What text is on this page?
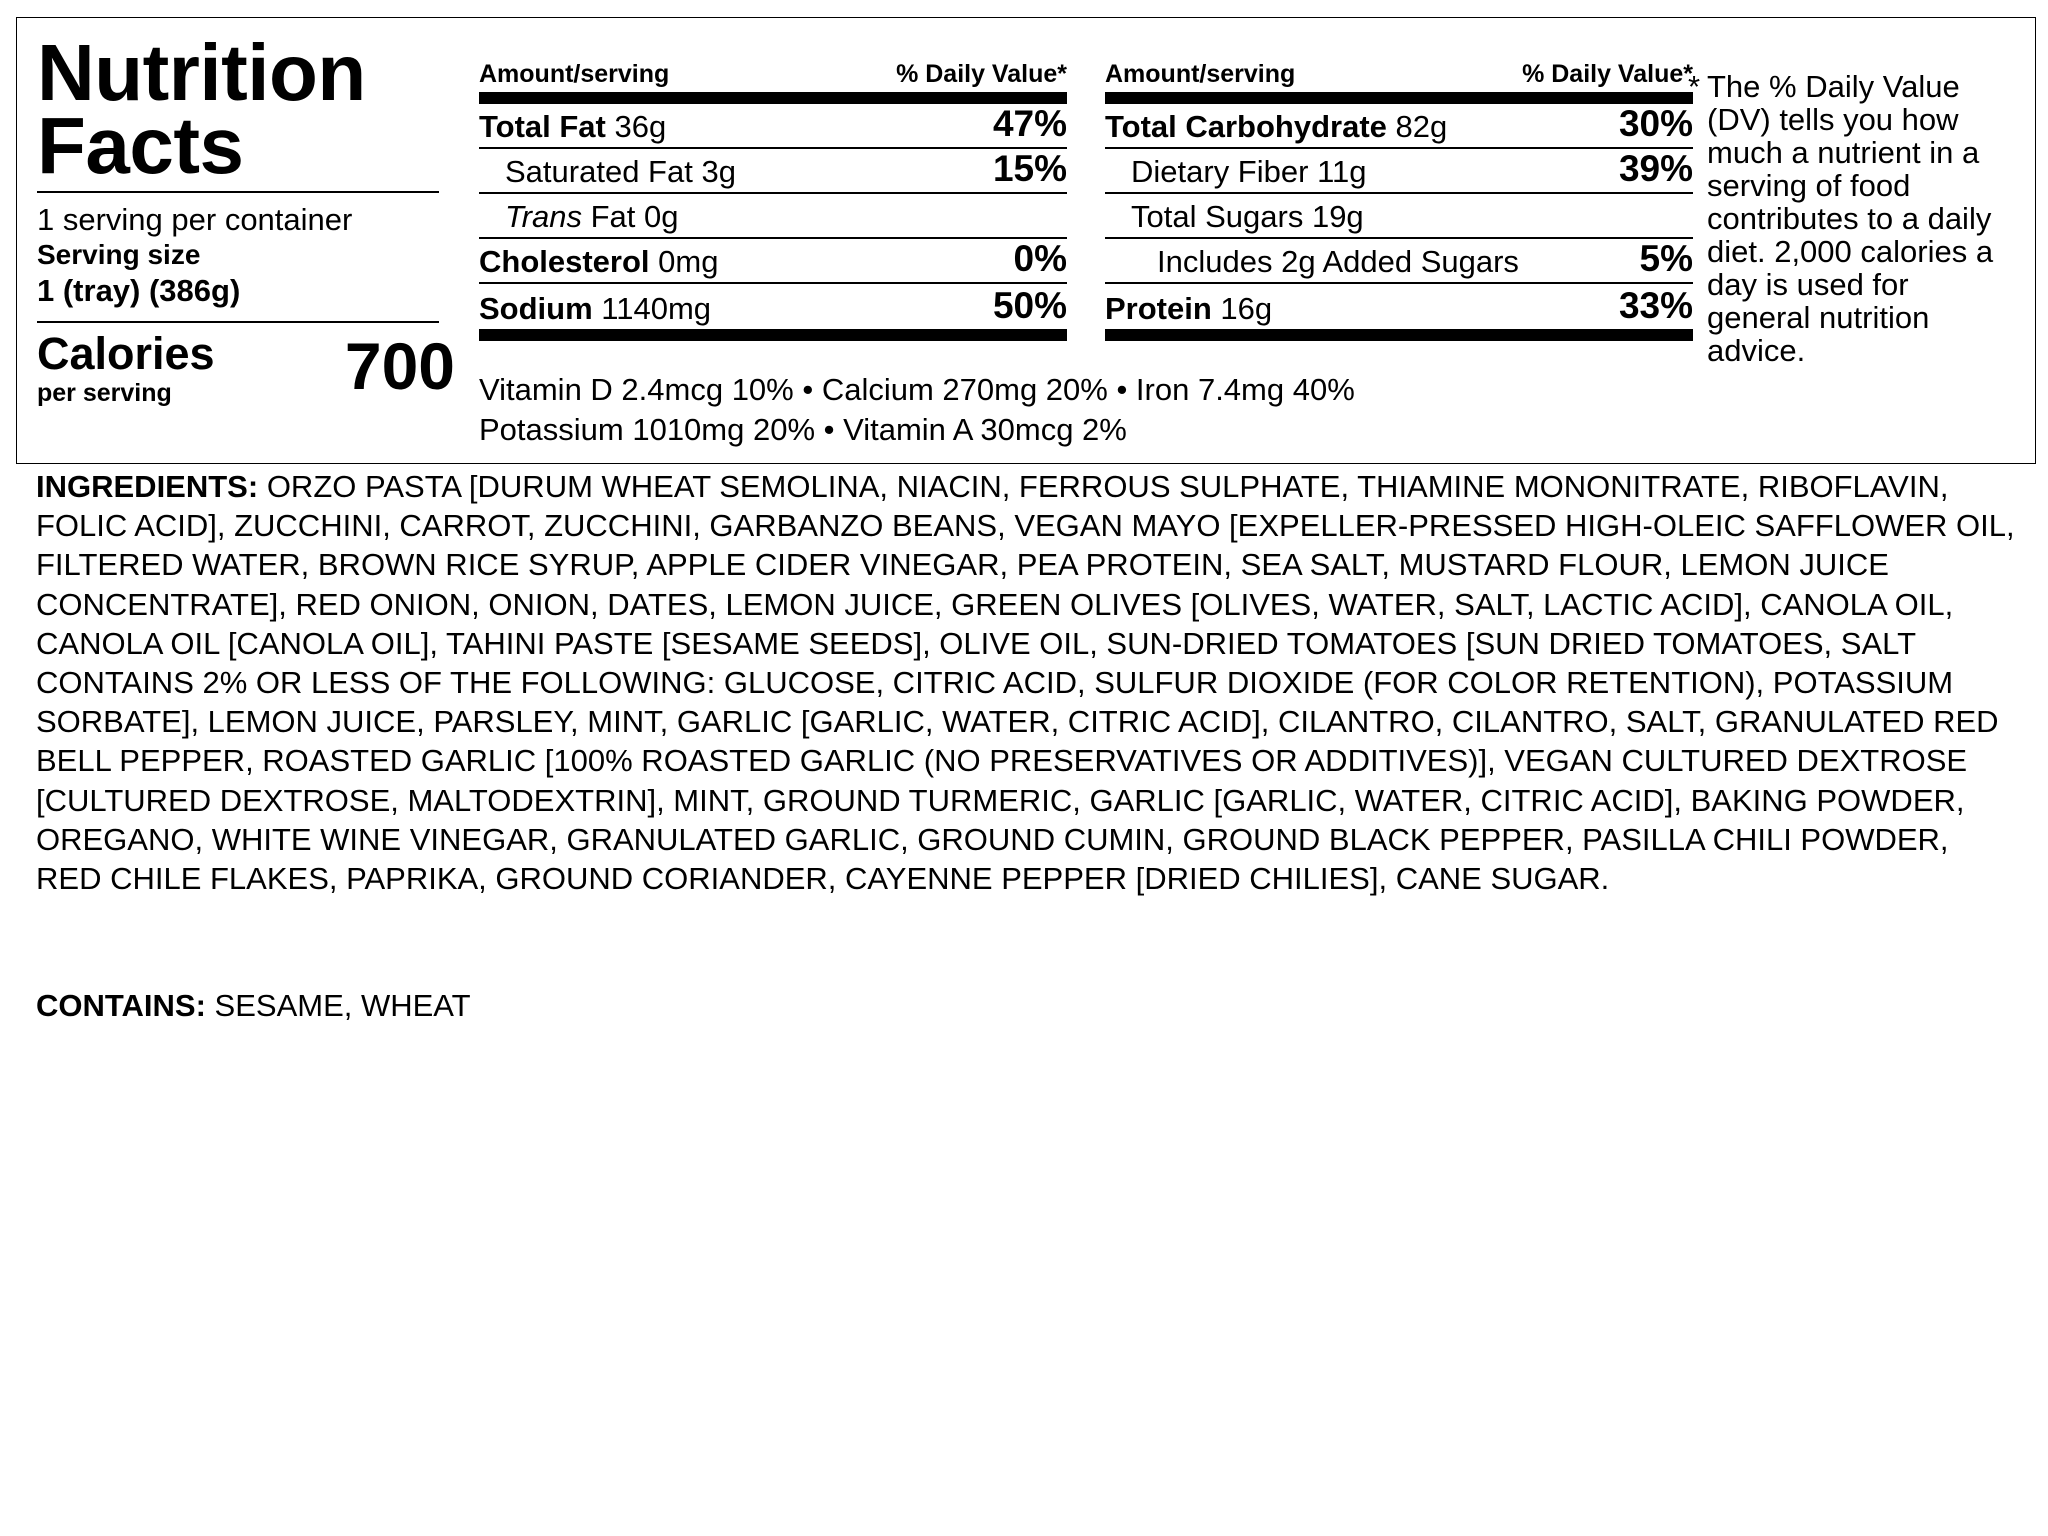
Nutrition Facts
1 serving per container
Serving size
1 (tray) (386g)
Calories
per serving	700
Amount/serving	% Daily Value*
Total Fat 36g	47%
Saturated Fat 3g	15%
Trans Fat 0g
Cholesterol 0mg	0%
Sodium 1140mg	50%
Amount/serving	% Daily Value*
Total Carbohydrate 82g	30%
Dietary Fiber 11g	39%
Total Sugars 19g
Includes 2g Added Sugars	5%
Protein 16g	33%
Vitamin D 2.4mcg 10% • Calcium 270mg 20% • Iron 7.4mg 40%
Potassium 1010mg 20% • Vitamin A 30mcg 2%
* The % Daily Value (DV) tells you how much a nutrient in a serving of food contributes to a daily diet. 2,000 calories a day is used for general nutrition advice.
INGREDIENTS: ORZO PASTA [DURUM WHEAT SEMOLINA, NIACIN, FERROUS SULPHATE, THIAMINE MONONITRATE, RIBOFLAVIN, FOLIC ACID], ZUCCHINI, CARROT, ZUCCHINI, GARBANZO BEANS, VEGAN MAYO [EXPELLER-PRESSED HIGH-OLEIC SAFFLOWER OIL, FILTERED WATER, BROWN RICE SYRUP, APPLE CIDER VINEGAR, PEA PROTEIN, SEA SALT, MUSTARD FLOUR, LEMON JUICE CONCENTRATE], RED ONION, ONION, DATES, LEMON JUICE, GREEN OLIVES [OLIVES, WATER, SALT, LACTIC ACID], CANOLA OIL, CANOLA OIL [CANOLA OIL], TAHINI PASTE [SESAME SEEDS], OLIVE OIL, SUN-DRIED TOMATOES [SUN DRIED TOMATOES, SALT CONTAINS 2% OR LESS OF THE FOLLOWING: GLUCOSE, CITRIC ACID, SULFUR DIOXIDE (FOR COLOR RETENTION), POTASSIUM SORBATE], LEMON JUICE, PARSLEY, MINT, GARLIC [GARLIC, WATER, CITRIC ACID], CILANTRO, CILANTRO, SALT, GRANULATED RED BELL PEPPER, ROASTED GARLIC [100% ROASTED GARLIC (NO PRESERVATIVES OR ADDITIVES)], VEGAN CULTURED DEXTROSE [CULTURED DEXTROSE, MALTODEXTRIN], MINT, GROUND TURMERIC, GARLIC [GARLIC, WATER, CITRIC ACID], BAKING POWDER, OREGANO, WHITE WINE VINEGAR, GRANULATED GARLIC, GROUND CUMIN, GROUND BLACK PEPPER, PASILLA CHILI POWDER, RED CHILE FLAKES, PAPRIKA, GROUND CORIANDER, CAYENNE PEPPER [DRIED CHILIES], CANE SUGAR.
CONTAINS: SESAME, WHEAT
